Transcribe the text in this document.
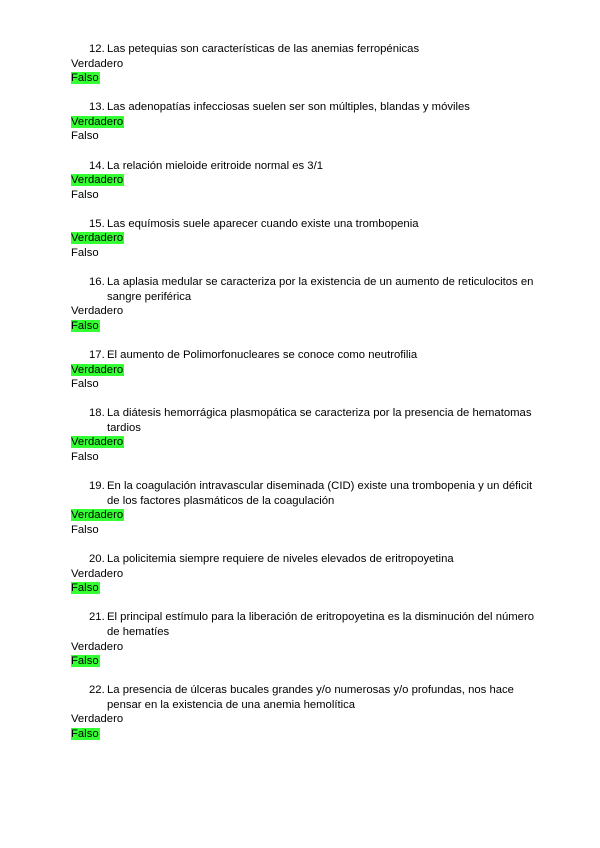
12. Las petequias son características de las anemias ferropénicas
Verdadero
Falso
13. Las adenopatías infecciosas suelen ser son múltiples, blandas y móviles
Verdadero
Falso
14. La relación mieloide eritroide normal es 3/1
Verdadero
Falso
15. Las equímosis suele aparecer cuando existe una trombopenia
Verdadero
Falso
16. La aplasia medular se caracteriza por la existencia de un aumento de reticulocitos en sangre periférica
Verdadero
Falso
17. El aumento de Polimorfonucleares se conoce como neutrofilia
Verdadero
Falso
18. La diátesis hemorrágica plasmopática se caracteriza por la presencia de hematomas tardios
Verdadero
Falso
19. En la coagulación intravascular diseminada (CID) existe una trombopenia y un déficit de los factores plasmáticos de la coagulación
Verdadero
Falso
20. La policitemia siempre requiere de niveles elevados de eritropoyetina
Verdadero
Falso
21. El principal estímulo para la liberación de eritropoyetina es la disminución del número de hematíes
Verdadero
Falso
22. La presencia de úlceras bucales grandes y/o numerosas y/o profundas, nos hace pensar en la existencia de una anemia hemolítica
Verdadero
Falso
